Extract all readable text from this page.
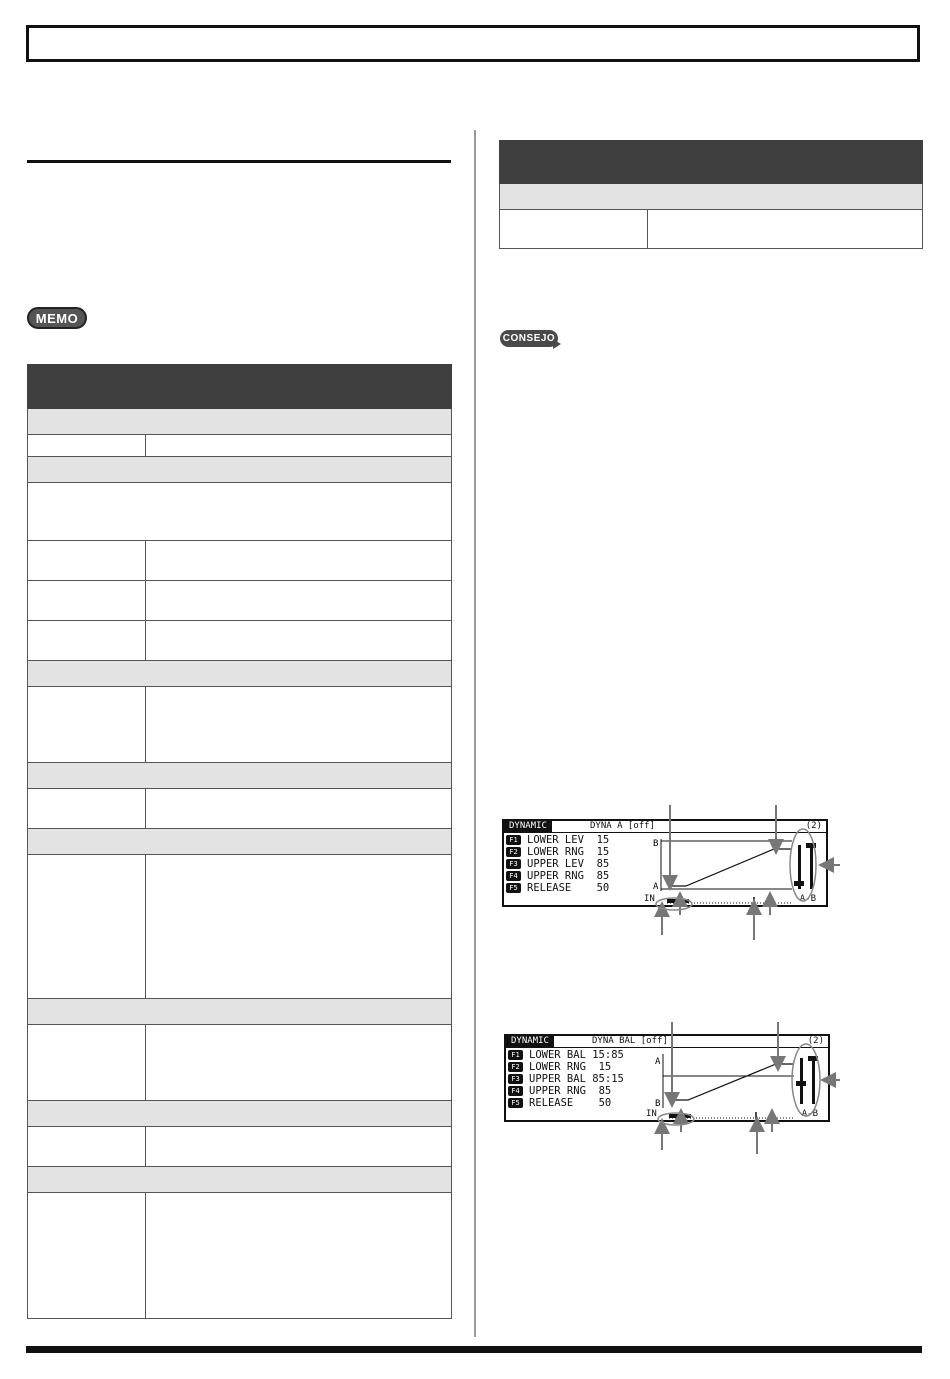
MEMO
CONSEJO

DYNAMIC	DYNA A [off]	(2)
F1 LOWER LEV 15
F2 LOWER RNG 15
F3 UPPER LEV 85
F4 UPPER RNG 85
F5 RELEASE 50
B
A
IN	A-B
DYNAMIC	DYNA BAL [off]	(2)
F1 LOWER BAL 15:85
F2 LOWER RNG 15
F3 UPPER BAL 85:15
F4 UPPER RNG 85
F5 RELEASE 50
A
B
IN	A-B
